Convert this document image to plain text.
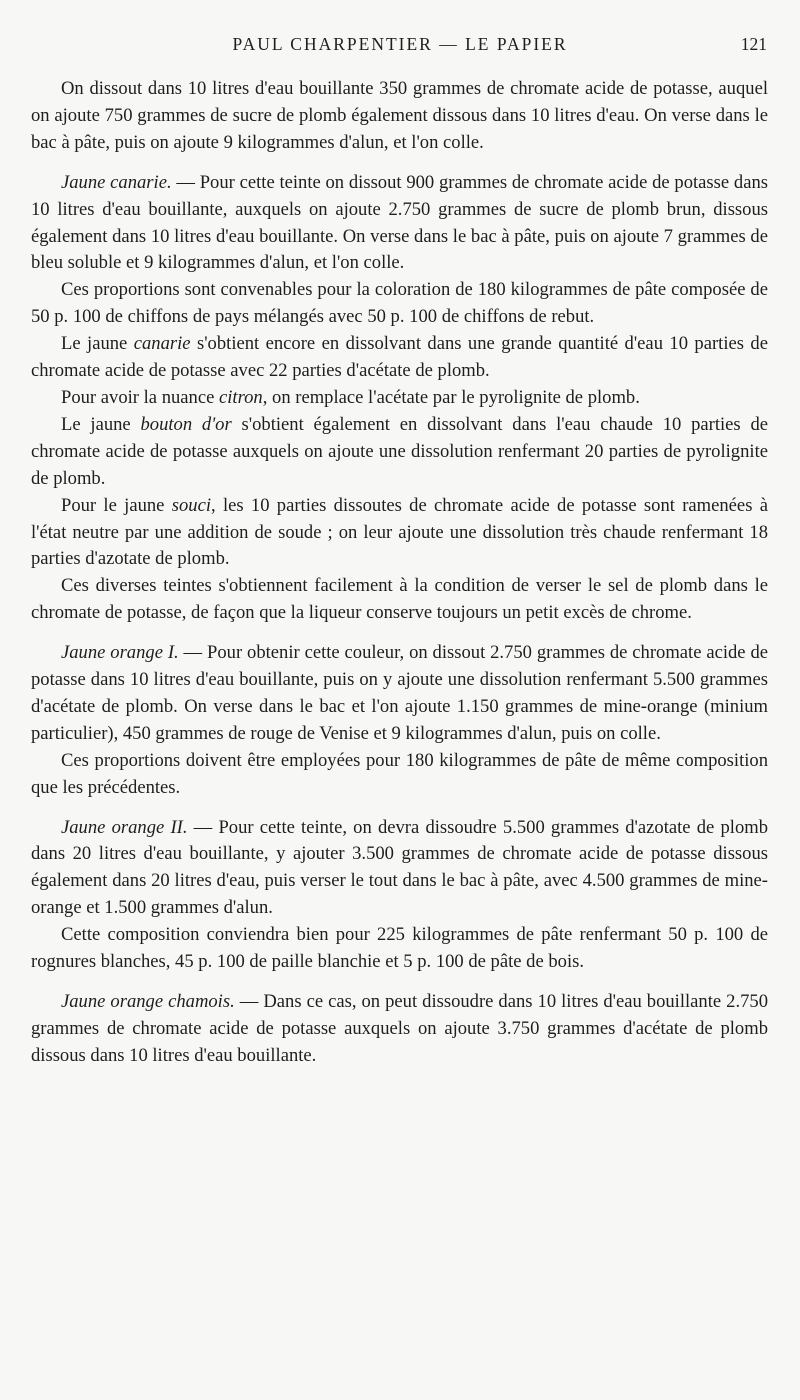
PAUL CHARPENTIER — LE PAPIER	121

On dissout dans 10 litres d'eau bouillante 350 grammes de chromate acide de potasse, auquel on ajoute 750 grammes de sucre de plomb également dissous dans 10 litres d'eau. On verse dans le bac à pâte, puis on ajoute 9 kilogrammes d'alun, et l'on colle.

Jaune canarie. — Pour cette teinte on dissout 900 grammes de chromate acide de potasse dans 10 litres d'eau bouillante, auxquels on ajoute 2.750 grammes de sucre de plomb brun, dissous également dans 10 litres d'eau bouillante. On verse dans le bac à pâte, puis on ajoute 7 grammes de bleu soluble et 9 kilogrammes d'alun, et l'on colle.

Ces proportions sont convenables pour la coloration de 180 kilogrammes de pâte composée de 50 p. 100 de chiffons de pays mélangés avec 50 p. 100 de chiffons de rebut.

Le jaune canarie s'obtient encore en dissolvant dans une grande quantité d'eau 10 parties de chromate acide de potasse avec 22 parties d'acétate de plomb.

Pour avoir la nuance citron, on remplace l'acétate par le pyrolignite de plomb.

Le jaune bouton d'or s'obtient également en dissolvant dans l'eau chaude 10 parties de chromate acide de potasse auxquels on ajoute une dissolution renfermant 20 parties de pyrolignite de plomb.

Pour le jaune souci, les 10 parties dissoutes de chromate acide de potasse sont ramenées à l'état neutre par une addition de soude ; on leur ajoute une dissolution très chaude renfermant 18 parties d'azotate de plomb.

Ces diverses teintes s'obtiennent facilement à la condition de verser le sel de plomb dans le chromate de potasse, de façon que la liqueur conserve toujours un petit excès de chrome.

Jaune orange I. — Pour obtenir cette couleur, on dissout 2.750 grammes de chromate acide de potasse dans 10 litres d'eau bouillante, puis on y ajoute une dissolution renfermant 5.500 grammes d'acétate de plomb. On verse dans le bac et l'on ajoute 1.150 grammes de mine-orange (minium particulier), 450 grammes de rouge de Venise et 9 kilogrammes d'alun, puis on colle.

Ces proportions doivent être employées pour 180 kilogrammes de pâte de même composition que les précédentes.

Jaune orange II. — Pour cette teinte, on devra dissoudre 5.500 grammes d'azotate de plomb dans 20 litres d'eau bouillante, y ajouter 3.500 grammes de chromate acide de potasse dissous également dans 20 litres d'eau, puis verser le tout dans le bac à pâte, avec 4.500 grammes de mine-orange et 1.500 grammes d'alun.

Cette composition conviendra bien pour 225 kilogrammes de pâte renfermant 50 p. 100 de rognures blanches, 45 p. 100 de paille blanchie et 5 p. 100 de pâte de bois.

Jaune orange chamois. — Dans ce cas, on peut dissoudre dans 10 litres d'eau bouillante 2.750 grammes de chromate acide de potasse auxquels on ajoute 3.750 grammes d'acétate de plomb dissous dans 10 litres d'eau bouillante.
